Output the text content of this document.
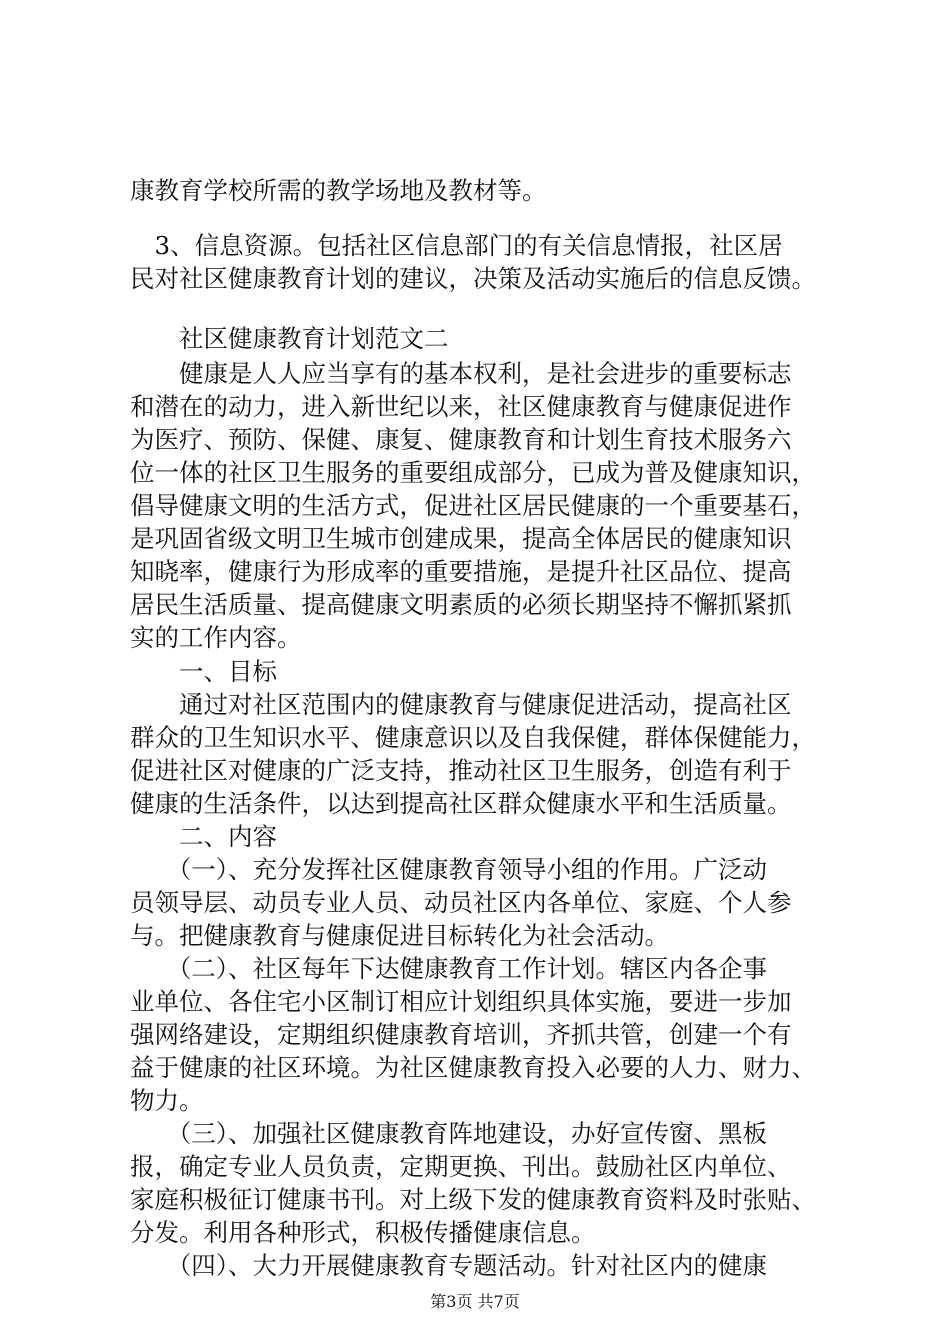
康教育学校所需的教学场地及教材等。
　3、信息资源。包括社区信息部门的有关信息情报，社区居
民对社区健康教育计划的建议，决策及活动实施后的信息反馈。
　　社区健康教育计划范文二
　　健康是人人应当享有的基本权利，是社会进步的重要标志
和潜在的动力，进入新世纪以来，社区健康教育与健康促进作
为医疗、预防、保健、康复、健康教育和计划生育技术服务六
位一体的社区卫生服务的重要组成部分，已成为普及健康知识，
倡导健康文明的生活方式，促进社区居民健康的一个重要基石，
是巩固省级文明卫生城市创建成果，提高全体居民的健康知识
知晓率，健康行为形成率的重要措施，是提升社区品位、提高
居民生活质量、提高健康文明素质的必须长期坚持不懈抓紧抓
实的工作内容。
　　一、目标
　　通过对社区范围内的健康教育与健康促进活动，提高社区
群众的卫生知识水平、健康意识以及自我保健，群体保健能力，
促进社区对健康的广泛支持，推动社区卫生服务，创造有利于
健康的生活条件，以达到提高社区群众健康水平和生活质量。
　　二、内容
　　（一）、充分发挥社区健康教育领导小组的作用。广泛动
员领导层、动员专业人员、动员社区内各单位、家庭、个人参
与。把健康教育与健康促进目标转化为社会活动。
　　（二）、社区每年下达健康教育工作计划。辖区内各企事
业单位、各住宅小区制订相应计划组织具体实施，要进一步加
强网络建设，定期组织健康教育培训，齐抓共管，创建一个有
益于健康的社区环境。为社区健康教育投入必要的人力、财力、
物力。
　　（三）、加强社区健康教育阵地建设，办好宣传窗、黑板
报，确定专业人员负责，定期更换、刊出。鼓励社区内单位、
家庭积极征订健康书刊。对上级下发的健康教育资料及时张贴、
分发。利用各种形式，积极传播健康信息。
　　（四）、大力开展健康教育专题活动。针对社区内的健康
第3页 共7页
